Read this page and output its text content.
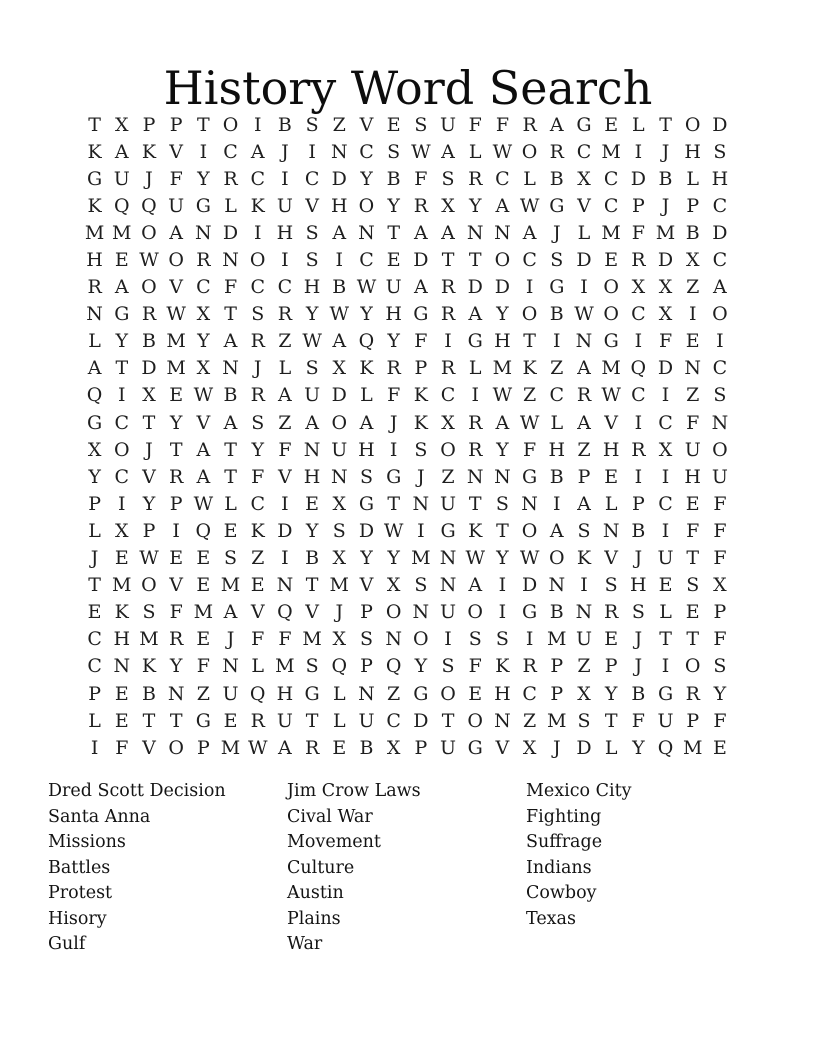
History Word Search
T X P P T O I B S Z V E S U F F R A G E L T O D
K A K V I C A J	I N C S W A L W O R C M I	J H S
G U J F Y R C I C D Y B F S R C L B X C D B L H
K Q Q U G L K U V H O Y R X Y A W G V C P J P C
M M O A N D I H S A N T A A N N A J L M F M B D
H E W O R N O I S I C E D T T O C S D E R D X C
R A O V C F C C H B W U A R D D I G I O X X Z A
N G R W X T S R Y W Y H G R A Y O B W O C X I O
L Y B M Y A R Z W A Q Y F I G H T I N G I F E I
A T D M X N J L S X K R P R L M K Z A M Q D N C
Q I X E W B R A U D L F K C I W Z C R W C I Z S
G C T Y V A S Z A O A J K X R A W L A V I C F N
X O J T A T Y F N U H I S O R Y F H Z H R X U O
Y C V R A T F V H N S G J Z N N G B P E I	I H U
P I Y P W L C I E X G T N U T S N I A L P C E F
L X P I Q E K D Y S D W I G K T O A S N B I F F
J E W E E S Z I B X Y Y M N W Y W O K V J U T F
T M O V E M E N T M V X S N A I D N I S H E S X
E K S F M A V Q V J P O N U O I G B N R S L E P
C H M R E J F F M X S N O I S S I M U E J T T F
C N K Y F N L M S Q P Q Y S F K R P Z P J	I O S
P E B N Z U Q H G L N Z G O E H C P X Y B G R Y
L E T T G E R U T L U C D T O N Z M S T F U P F
I F V O P M W A R E B X P U G V X J D L Y Q M E
Dred Scott Decision
Santa Anna
Missions
Battles
Protest
Hisory
Gulf
Jim Crow Laws
Cival War
Movement
Culture
Austin
Plains
War
Mexico City
Fighting
Suffrage
Indians
Cowboy
Texas
